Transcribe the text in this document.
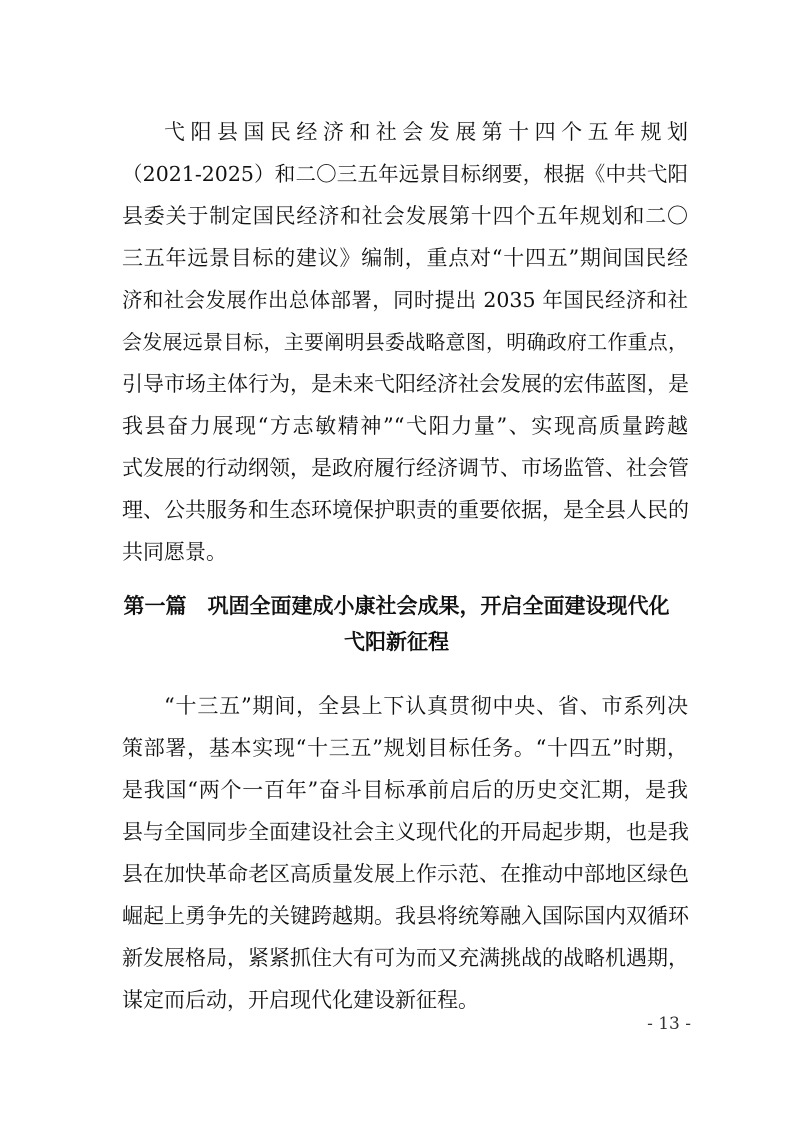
弋阳县国民经济和社会发展第十四个五年规划
（2021-2025）和二〇三五年远景目标纲要，根据《中共弋阳
县委关于制定国民经济和社会发展第十四个五年规划和二〇
三五年远景目标的建议》编制，重点对“十四五”期间国民经
济和社会发展作出总体部署，同时提出 2035 年国民经济和社
会发展远景目标，主要阐明县委战略意图，明确政府工作重点，
引导市场主体行为，是未来弋阳经济社会发展的宏伟蓝图，是
我县奋力展现“方志敏精神”“弋阳力量”、实现高质量跨越
式发展的行动纲领，是政府履行经济调节、市场监管、社会管
理、公共服务和生态环境保护职责的重要依据，是全县人民的
共同愿景。
第一篇　巩固全面建成小康社会成果，开启全面建设现代化
弋阳新征程
“十三五”期间，全县上下认真贯彻中央、省、市系列决
策部署，基本实现“十三五”规划目标任务。“十四五”时期，
是我国“两个一百年”奋斗目标承前启后的历史交汇期，是我
县与全国同步全面建设社会主义现代化的开局起步期，也是我
县在加快革命老区高质量发展上作示范、在推动中部地区绿色
崛起上勇争先的关键跨越期。我县将统筹融入国际国内双循环
新发展格局，紧紧抓住大有可为而又充满挑战的战略机遇期，
谋定而后动，开启现代化建设新征程。
- 13 -
